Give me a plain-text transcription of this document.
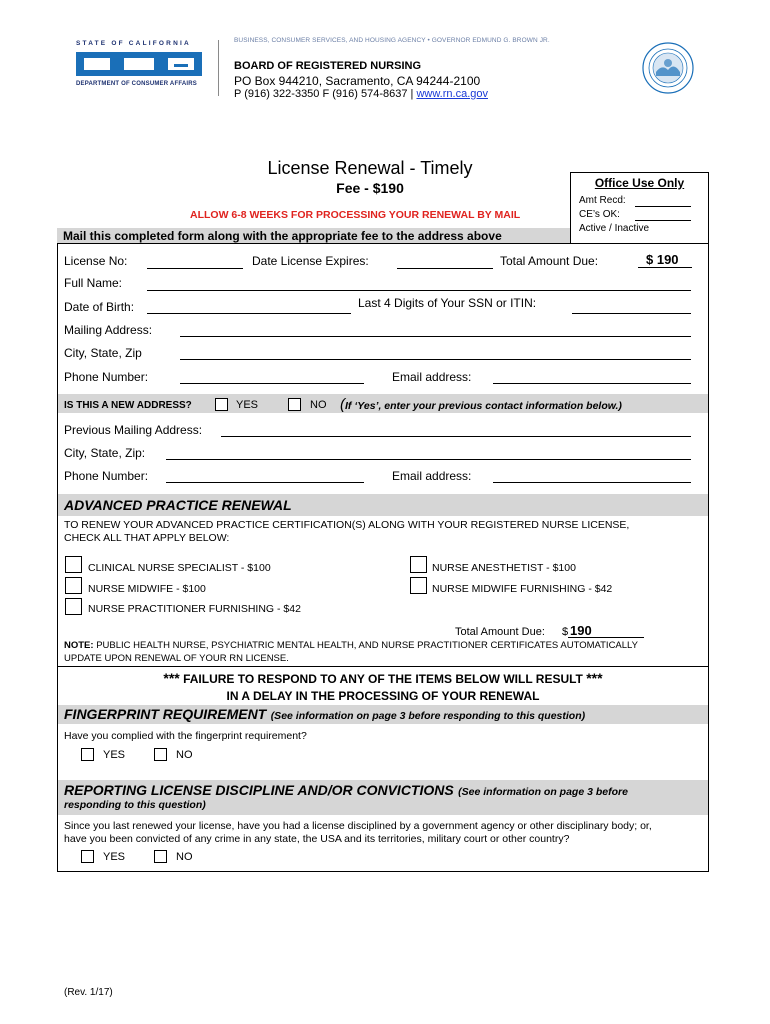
BUSINESS, CONSUMER SERVICES, AND HOUSING AGENCY • GOVERNOR EDMUND G. BROWN JR.
STATE OF CALIFORNIA
DEPARTMENT OF CONSUMER AFFAIRS
BOARD OF REGISTERED NURSING
PO Box 944210, Sacramento, CA 94244-2100
P (916) 322-3350 F (916) 574-8637 | www.rn.ca.gov
License Renewal - Timely
Fee - $190
ALLOW 6-8 WEEKS FOR PROCESSING YOUR RENEWAL BY MAIL
Office Use Only
Amt Recd:
CE’s OK:
Active / Inactive
Mail this completed form along with the appropriate fee to the address above
License No:	Date License Expires:	Total Amount Due:	$ 190
Full Name:
Date of Birth:	Last 4 Digits of Your SSN or ITIN:
Mailing Address:
City, State, Zip
Phone Number:	Email address:
IS THIS A NEW ADDRESS?	YES	NO (If ‘Yes’, enter your previous contact information below.)
Previous Mailing Address:
City, State, Zip:
Phone Number:	Email address:
ADVANCED PRACTICE RENEWAL
TO RENEW YOUR ADVANCED PRACTICE CERTIFICATION(S) ALONG WITH YOUR REGISTERED NURSE LICENSE,
CHECK ALL THAT APPLY BELOW:
CLINICAL NURSE SPECIALIST - $100	NURSE ANESTHETIST - $100
NURSE MIDWIFE - $100	NURSE MIDWIFE FURNISHING - $42
NURSE PRACTITIONER FURNISHING - $42
Total Amount Due: $ 190
NOTE: PUBLIC HEALTH NURSE, PSYCHIATRIC MENTAL HEALTH, AND NURSE PRACTITIONER CERTIFICATES AUTOMATICALLY
UPDATE UPON RENEWAL OF YOUR RN LICENSE.
*** FAILURE TO RESPOND TO ANY OF THE ITEMS BELOW WILL RESULT ***
IN A DELAY IN THE PROCESSING OF YOUR RENEWAL
FINGERPRINT REQUIREMENT (See information on page 3 before responding to this question)
Have you complied with the fingerprint requirement?
YES	NO
REPORTING LICENSE DISCIPLINE AND/OR CONVICTIONS (See information on page 3 before
responding to this question)
Since you last renewed your license, have you had a license disciplined by a government agency or other disciplinary body; or,
have you been convicted of any crime in any state, the USA and its territories, military court or other country?
YES	NO
(Rev. 1/17)
